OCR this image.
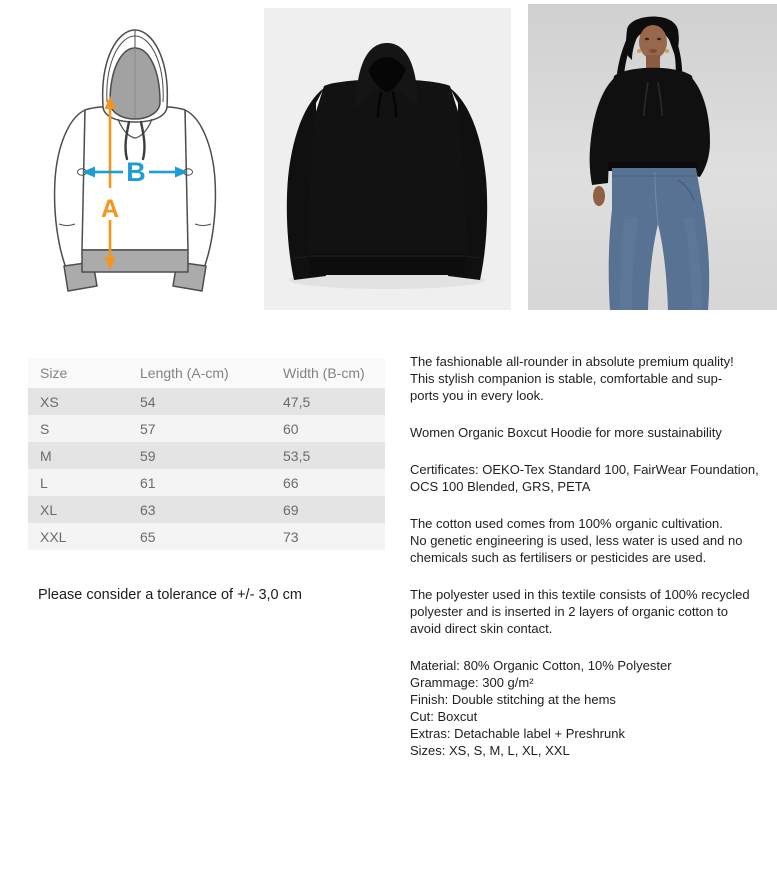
A
B
Size	Length (A-cm)	Width (B-cm)
XS	54	47,5
S	57	60
M	59	53,5
L	61	66
XL	63	69
XXL	65	73
Please consider a tolerance of +/- 3,0 cm
The fashionable all-rounder in absolute premium quality!
This stylish companion is stable, comfortable and sup-
ports you in every look.
Women Organic Boxcut Hoodie for more sustainability
Certificates: OEKO-Tex Standard 100, FairWear Foundation,
OCS 100 Blended, GRS, PETA
The cotton used comes from 100% organic cultivation.
No genetic engineering is used, less water is used and no
chemicals such as fertilisers or pesticides are used.
The polyester used in this textile consists of 100% recycled
polyester and is inserted in 2 layers of organic cotton to
avoid direct skin contact.
Material: 80% Organic Cotton, 10% Polyester
Grammage: 300 g/m²
Finish: Double stitching at the hems
Cut: Boxcut
Extras: Detachable label + Preshrunk
Sizes: XS, S, M, L, XL, XXL
